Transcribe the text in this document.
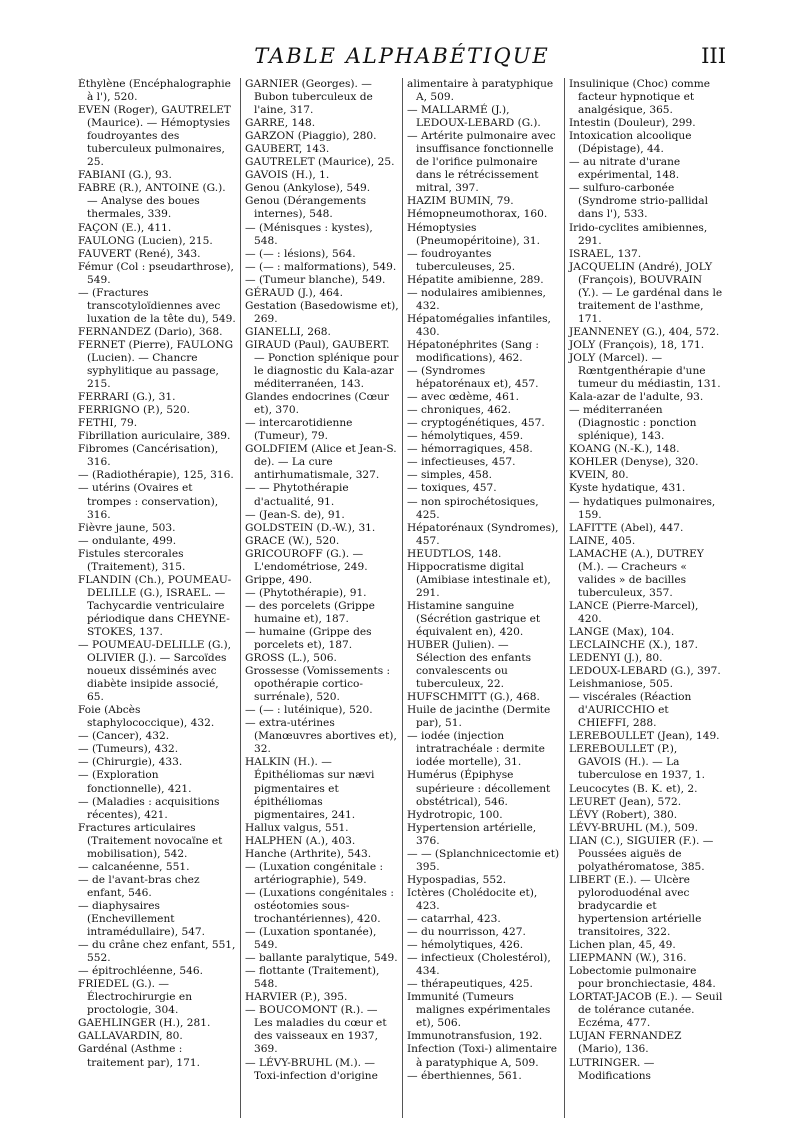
TABLE ALPHABÉTIQUE	III

Éthylène (Encéphalographie à l'), 520.

EVEN (Roger), GAUTRELET (Maurice). — Hémoptysies foudroyantes des tuberculeux pulmonaires, 25.

FABIANI (G.), 93.

FABRE (R.), ANTOINE (G.). — Analyse des boues thermales, 339.

FAÇON (E.), 411.

FAULONG (Lucien), 215.

FAUVERT (René), 343.

Fémur (Col : pseudarthrose), 549.

— (Fractures transcotyloïdiennes avec luxation de la tête du), 549.

FERNANDEZ (Dario), 368.

FERNET (Pierre), FAULONG (Lucien). — Chancre syphylitique au passage, 215.

FERRARI (G.), 31.

FERRIGNO (P.), 520.

FETHI, 79.

Fibrillation auriculaire, 389.

Fibromes (Cancérisation), 316.

— (Radiothérapie), 125, 316.

— utérins (Ovaires et trompes : conservation), 316.

Fièvre jaune, 503.

— ondulante, 499.

Fistules stercorales (Traitement), 315.

FLANDIN (Ch.), POUMEAU-DELILLE (G.), ISRAEL. — Tachycardie ventriculaire périodique dans CHEYNE-STOKES, 137.

— POUMEAU-DELILLE (G.), OLIVIER (J.). — Sarcoïdes noueux disséminés avec diabète insipide associé, 65.

Foie (Abcès staphylococcique), 432.

— (Cancer), 432.

— (Tumeurs), 432.

— (Chirurgie), 433.

— (Exploration fonctionnelle), 421.

— (Maladies : acquisitions récentes), 421.

Fractures articulaires (Traitement novocaïne et mobilisation), 542.

— calcanéenne, 551.

— de l'avant-bras chez enfant, 546.

— diaphysaires (Enchevillement intramédullaire), 547.

— du crâne chez enfant, 551, 552.

— épitrochléenne, 546.

FRIEDEL (G.). — Électrochirurgie en proctologie, 304.

GAEHLINGER (H.), 281.

GALLAVARDIN, 80.

Gardénal (Asthme : traitement par), 171.

GARNIER (Georges). — Bubon tuberculeux de l'aine, 317.

GARRE, 148.

GARZON (Piaggio), 280.

GAUBERT, 143.

GAUTRELET (Maurice), 25.

GAVOIS (H.), 1.

Genou (Ankylose), 549.

Genou (Dérangements internes), 548.

— (Ménisques : kystes), 548.

— (— : lésions), 564.

— (— : malformations), 549.

— (Tumeur blanche), 549.

GÉRAUD (J.), 464.

Gestation (Basedowisme et), 269.

GIANELLI, 268.

GIRAUD (Paul), GAUBERT. — Ponction splénique pour le diagnostic du Kala-azar méditerranéen, 143.

Glandes endocrines (Cœur et), 370.

— intercarotidienne (Tumeur), 79.

GOLDFIEM (Alice et Jean-S. de). — La cure antirhumatismale, 327.

— — Phytothérapie d'actualité, 91.

— (Jean-S. de), 91.

GOLDSTEIN (D.-W.), 31.

GRACE (W.), 520.

GRICOUROFF (G.). — L'endométriose, 249.

Grippe, 490.

— (Phytothérapie), 91.

— des porcelets (Grippe humaine et), 187.

— humaine (Grippe des porcelets et), 187.

GROSS (L.), 506.

Grossesse (Vomissements : opothérapie cortico-surrénale), 520.

— (— : lutéinique), 520.

— extra-utérines (Manœuvres abortives et), 32.

HALKIN (H.). — Épithéliomas sur nævi pigmentaires et épithéliomas pigmentaires, 241.

Hallux valgus, 551.

HALPHEN (A.), 403.

Hanche (Arthrite), 543.

— (Luxation congénitale : artériographie), 549.

— (Luxations congénitales : ostéotomies sous-trochantériennes), 420.

— (Luxation spontanée), 549.

— ballante paralytique, 549.

— flottante (Traitement), 548.

HARVIER (P.), 395.

— BOUCOMONT (R.). — Les maladies du cœur et des vaisseaux en 1937, 369.

— LÉVY-BRUHL (M.). — Toxi-infection d'origine

alimentaire à paratyphique A, 509.

— MALLARMÉ (J.), LEDOUX-LEBARD (G.).

— Artérite pulmonaire avec insuffisance fonctionnelle de l'orifice pulmonaire dans le rétrécissement mitral, 397.

HAZIM BUMIN, 79.

Hémopneumothorax, 160.

Hémoptysies (Pneumopéritoine), 31.

— foudroyantes tuberculeuses, 25.

Hépatite amibienne, 289.

— nodulaires amibiennes, 432.

Hépatomégalies infantiles, 430.

Hépatonéphrites (Sang : modifications), 462.

— (Syndromes hépatorénaux et), 457.

— avec œdème, 461.

— chroniques, 462.

— cryptogénétiques, 457.

— hémolytiques, 459.

— hémorragiques, 458.

— infectieuses, 457.

— simples, 458.

— toxiques, 457.

— non spirochétosiques, 425.

Hépatorénaux (Syndromes), 457.

HEUDTLOS, 148.

Hippocratisme digital (Amibiase intestinale et), 291.

Histamine sanguine (Sécrétion gastrique et équivalent en), 420.

HUBER (Julien). — Sélection des enfants convalescents ou tuberculeux, 22.

HUFSCHMITT (G.), 468.

Huile de jacinthe (Dermite par), 51.

— iodée (injection intratrachéale : dermite iodée mortelle), 31.

Humérus (Épiphyse supérieure : décollement obstétrical), 546.

Hydrotropic, 100.

Hypertension artérielle, 376.

— — (Splanchnicectomie et) 395.

Hypospadias, 552.

Ictères (Cholédocite et), 423.

— catarrhal, 423.

— du nourrisson, 427.

— hémolytiques, 426.

— infectieux (Cholestérol), 434.

— thérapeutiques, 425.

Immunité (Tumeurs malignes expérimentales et), 506.

Immunotransfusion, 192.

Infection (Toxi-) alimentaire à paratyphique A, 509.

— éberthiennes, 561.

Insulinique (Choc) comme facteur hypnotique et analgésique, 365.

Intestin (Douleur), 299.

Intoxication alcoolique (Dépistage), 44.

— au nitrate d'urane expérimental, 148.

— sulfuro-carbonée (Syndrome strio-pallidal dans l'), 533.

Irido-cyclites amibiennes, 291.

ISRAEL, 137.

JACQUELIN (André), JOLY (François), BOUVRAIN (Y.). — Le gardénal dans le traitement de l'asthme, 171.

JEANNENEY (G.), 404, 572.

JOLY (François), 18, 171.

JOLY (Marcel). — Rœntgenthérapie d'une tumeur du médiastin, 131.

Kala-azar de l'adulte, 93.

— méditerranéen (Diagnostic : ponction splénique), 143.

KOANG (N.-K.), 148.

KOHLER (Denyse), 320.

KVEIN, 80.

Kyste hydatique, 431.

— hydatiques pulmonaires, 159.

LAFITTE (Abel), 447.

LAINE, 405.

LAMACHE (A.), DUTREY (M.). — Cracheurs « valides » de bacilles tuberculeux, 357.

LANCE (Pierre-Marcel), 420.

LANGE (Max), 104.

LECLAINCHE (X.), 187.

LEDENYI (J.), 80.

LEDOUX-LEBARD (G.), 397.

Leishmaniose, 505.

— viscérales (Réaction d'AURICCHIO et CHIEFFI, 288.

LEREBOULLET (Jean), 149.

LEREBOULLET (P.), GAVOIS (H.). — La tuberculose en 1937, 1.

Leucocytes (B. K. et), 2.

LEURET (Jean), 572.

LÉVY (Robert), 380.

LÉVY-BRUHL (M.), 509.

LIAN (C.), SIGUIER (F.). — Poussées aiguës de polyathéromatose, 385.

LIBERT (E.). — Ulcère pyloroduodénal avec bradycardie et hypertension artérielle transitoires, 322.

Lichen plan, 45, 49.

LIEPMANN (W.), 316.

Lobectomie pulmonaire pour bronchiectasie, 484.

LORTAT-JACOB (E.). — Seuil de tolérance cutanée. Eczéma, 477.

LUJAN FERNANDEZ (Mario), 136.

LUTRINGER. — Modifications
